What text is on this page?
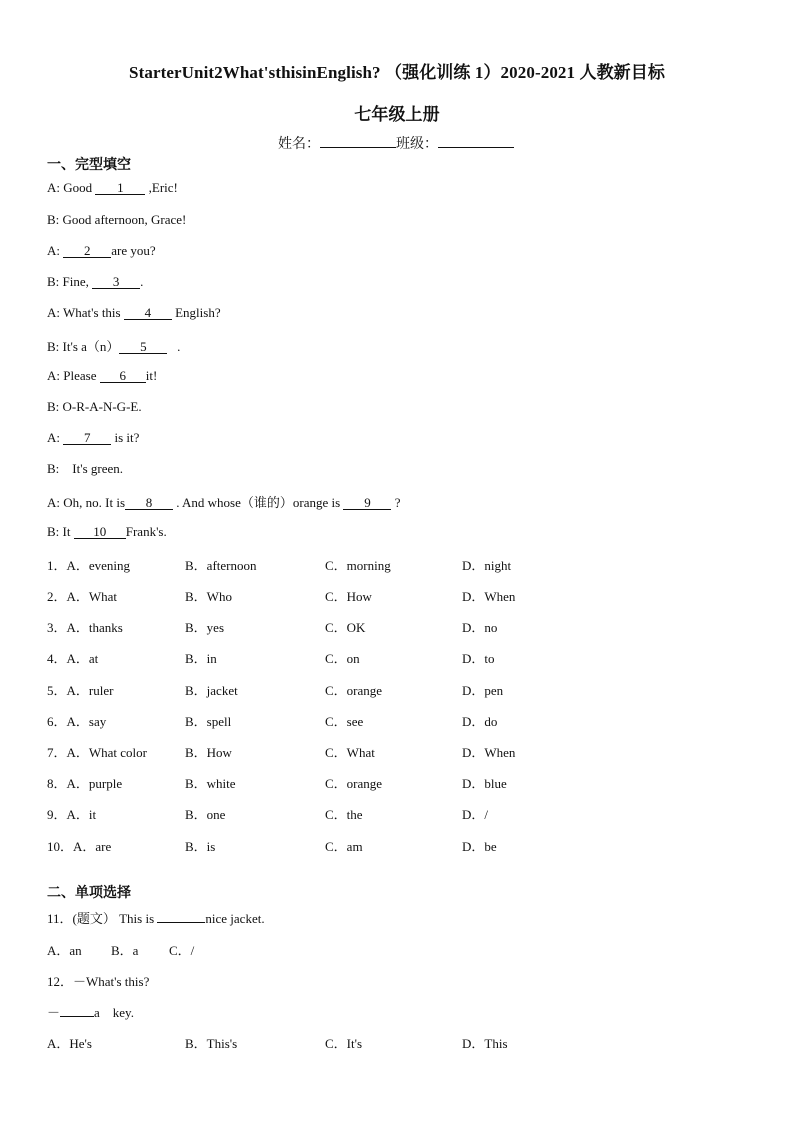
StarterUnit2What'sthisinEnglish? （强化训练 1）2020-2021 人教新目标
七年级上册
姓名：	班级：
一、完型填空
A: Good 1 ,Eric!
B: Good afternoon, Grace!
A: 2 are you?
B: Fine, 3 .
A: What's this 4 English?
B: It's a（n） 5   .
A: Please 6 it!
B: O-R-A-N-G-E.
A: 7 is it?
B:    It's green.
A: Oh, no. It is 8 . And whose（谁的）orange is 9 ?
B: It 10 Frank's.
1．A．evening	B．afternoon	C．morning	D．night
2．A．What	B．Who	C．How	D．When
3．A．thanks	B．yes	C．OK	D．no
4．A．at	B．in	C．on	D．to
5．A．ruler	B．jacket	C．orange	D．pen
6．A．say	B．spell	C．see	D．do
7．A．What color	B．How	C．What	D．When
8．A．purple	B．white	C．orange	D．blue
9．A．it	B．one	C．the	D．/
10．A．are	B．is	C．am	D．be
二、单项选择
11．(题文） This is	nice jacket.
A．an B．a C．/
12．－What's this?
－	a    key.
A．He's	B．This's	C．It's	D．This
